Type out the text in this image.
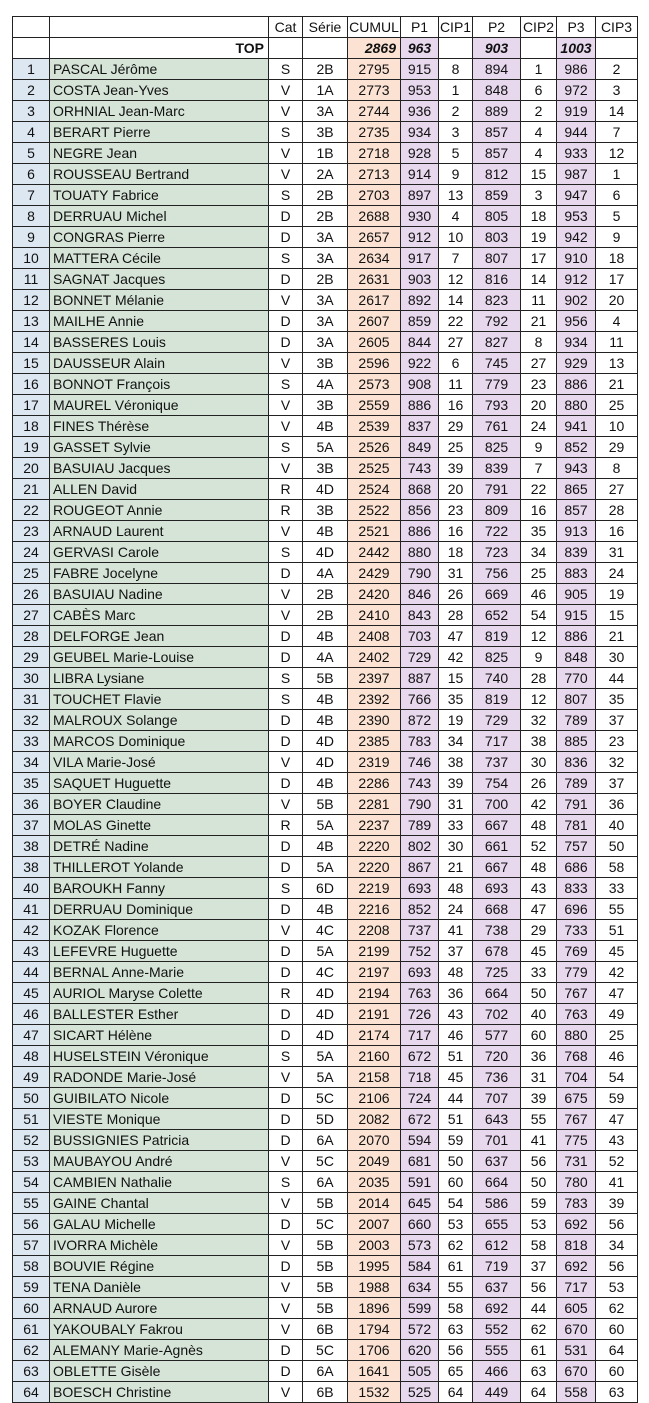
		Cat	Série	CUMUL	P1	CIP1	P2	CIP2	P3	CIP3
	TOP			2869	963		903		1003	
1	PASCAL Jérôme	S	2B	2795	915	8	894	1	986	2
2	COSTA Jean-Yves	V	1A	2773	953	1	848	6	972	3
3	ORHNIAL Jean-Marc	V	3A	2744	936	2	889	2	919	14
4	BERART Pierre	S	3B	2735	934	3	857	4	944	7
5	NEGRE Jean	V	1B	2718	928	5	857	4	933	12
6	ROUSSEAU Bertrand	V	2A	2713	914	9	812	15	987	1
7	TOUATY Fabrice	S	2B	2703	897	13	859	3	947	6
8	DERRUAU Michel	D	2B	2688	930	4	805	18	953	5
9	CONGRAS Pierre	D	3A	2657	912	10	803	19	942	9
10	MATTERA Cécile	S	3A	2634	917	7	807	17	910	18
11	SAGNAT Jacques	D	2B	2631	903	12	816	14	912	17
12	BONNET Mélanie	V	3A	2617	892	14	823	11	902	20
13	MAILHE Annie	D	3A	2607	859	22	792	21	956	4
14	BASSERES Louis	D	3A	2605	844	27	827	8	934	11
15	DAUSSEUR Alain	V	3B	2596	922	6	745	27	929	13
16	BONNOT François	S	4A	2573	908	11	779	23	886	21
17	MAUREL Véronique	V	3B	2559	886	16	793	20	880	25
18	FINES Thérèse	V	4B	2539	837	29	761	24	941	10
19	GASSET Sylvie	S	5A	2526	849	25	825	9	852	29
20	BASUIAU Jacques	V	3B	2525	743	39	839	7	943	8
21	ALLEN David	R	4D	2524	868	20	791	22	865	27
22	ROUGEOT Annie	R	3B	2522	856	23	809	16	857	28
23	ARNAUD Laurent	V	4B	2521	886	16	722	35	913	16
24	GERVASI Carole	S	4D	2442	880	18	723	34	839	31
25	FABRE Jocelyne	D	4A	2429	790	31	756	25	883	24
26	BASUIAU Nadine	V	2B	2420	846	26	669	46	905	19
27	CABÈS Marc	V	2B	2410	843	28	652	54	915	15
28	DELFORGE Jean	D	4B	2408	703	47	819	12	886	21
29	GEUBEL Marie-Louise	D	4A	2402	729	42	825	9	848	30
30	LIBRA Lysiane	S	5B	2397	887	15	740	28	770	44
31	TOUCHET Flavie	S	4B	2392	766	35	819	12	807	35
32	MALROUX Solange	D	4B	2390	872	19	729	32	789	37
33	MARCOS Dominique	D	4D	2385	783	34	717	38	885	23
34	VILA Marie-José	V	4D	2319	746	38	737	30	836	32
35	SAQUET Huguette	D	4B	2286	743	39	754	26	789	37
36	BOYER Claudine	V	5B	2281	790	31	700	42	791	36
37	MOLAS Ginette	R	5A	2237	789	33	667	48	781	40
38	DETRÉ Nadine	D	4B	2220	802	30	661	52	757	50
38	THILLEROT Yolande	D	5A	2220	867	21	667	48	686	58
40	BAROUKH Fanny	S	6D	2219	693	48	693	43	833	33
41	DERRUAU Dominique	D	4B	2216	852	24	668	47	696	55
42	KOZAK Florence	V	4C	2208	737	41	738	29	733	51
43	LEFEVRE Huguette	D	5A	2199	752	37	678	45	769	45
44	BERNAL Anne-Marie	D	4C	2197	693	48	725	33	779	42
45	AURIOL Maryse Colette	R	4D	2194	763	36	664	50	767	47
46	BALLESTER Esther	D	4D	2191	726	43	702	40	763	49
47	SICART Hélène	D	4D	2174	717	46	577	60	880	25
48	HUSELSTEIN Véronique	S	5A	2160	672	51	720	36	768	46
49	RADONDE Marie-José	V	5A	2158	718	45	736	31	704	54
50	GUIBILATO Nicole	D	5C	2106	724	44	707	39	675	59
51	VIESTE Monique	D	5D	2082	672	51	643	55	767	47
52	BUSSIGNIES Patricia	D	6A	2070	594	59	701	41	775	43
53	MAUBAYOU André	V	5C	2049	681	50	637	56	731	52
54	CAMBIEN Nathalie	S	6A	2035	591	60	664	50	780	41
55	GAINE Chantal	V	5B	2014	645	54	586	59	783	39
56	GALAU Michelle	D	5C	2007	660	53	655	53	692	56
57	IVORRA Michèle	V	5B	2003	573	62	612	58	818	34
58	BOUVIE Régine	D	5B	1995	584	61	719	37	692	56
59	TENA Danièle	V	5B	1988	634	55	637	56	717	53
60	ARNAUD Aurore	V	5B	1896	599	58	692	44	605	62
61	YAKOUBALY Fakrou	V	6B	1794	572	63	552	62	670	60
62	ALEMANY Marie-Agnès	D	5C	1706	620	56	555	61	531	64
63	OBLETTE Gisèle	D	6A	1641	505	65	466	63	670	60
64	BOESCH Christine	V	6B	1532	525	64	449	64	558	63
